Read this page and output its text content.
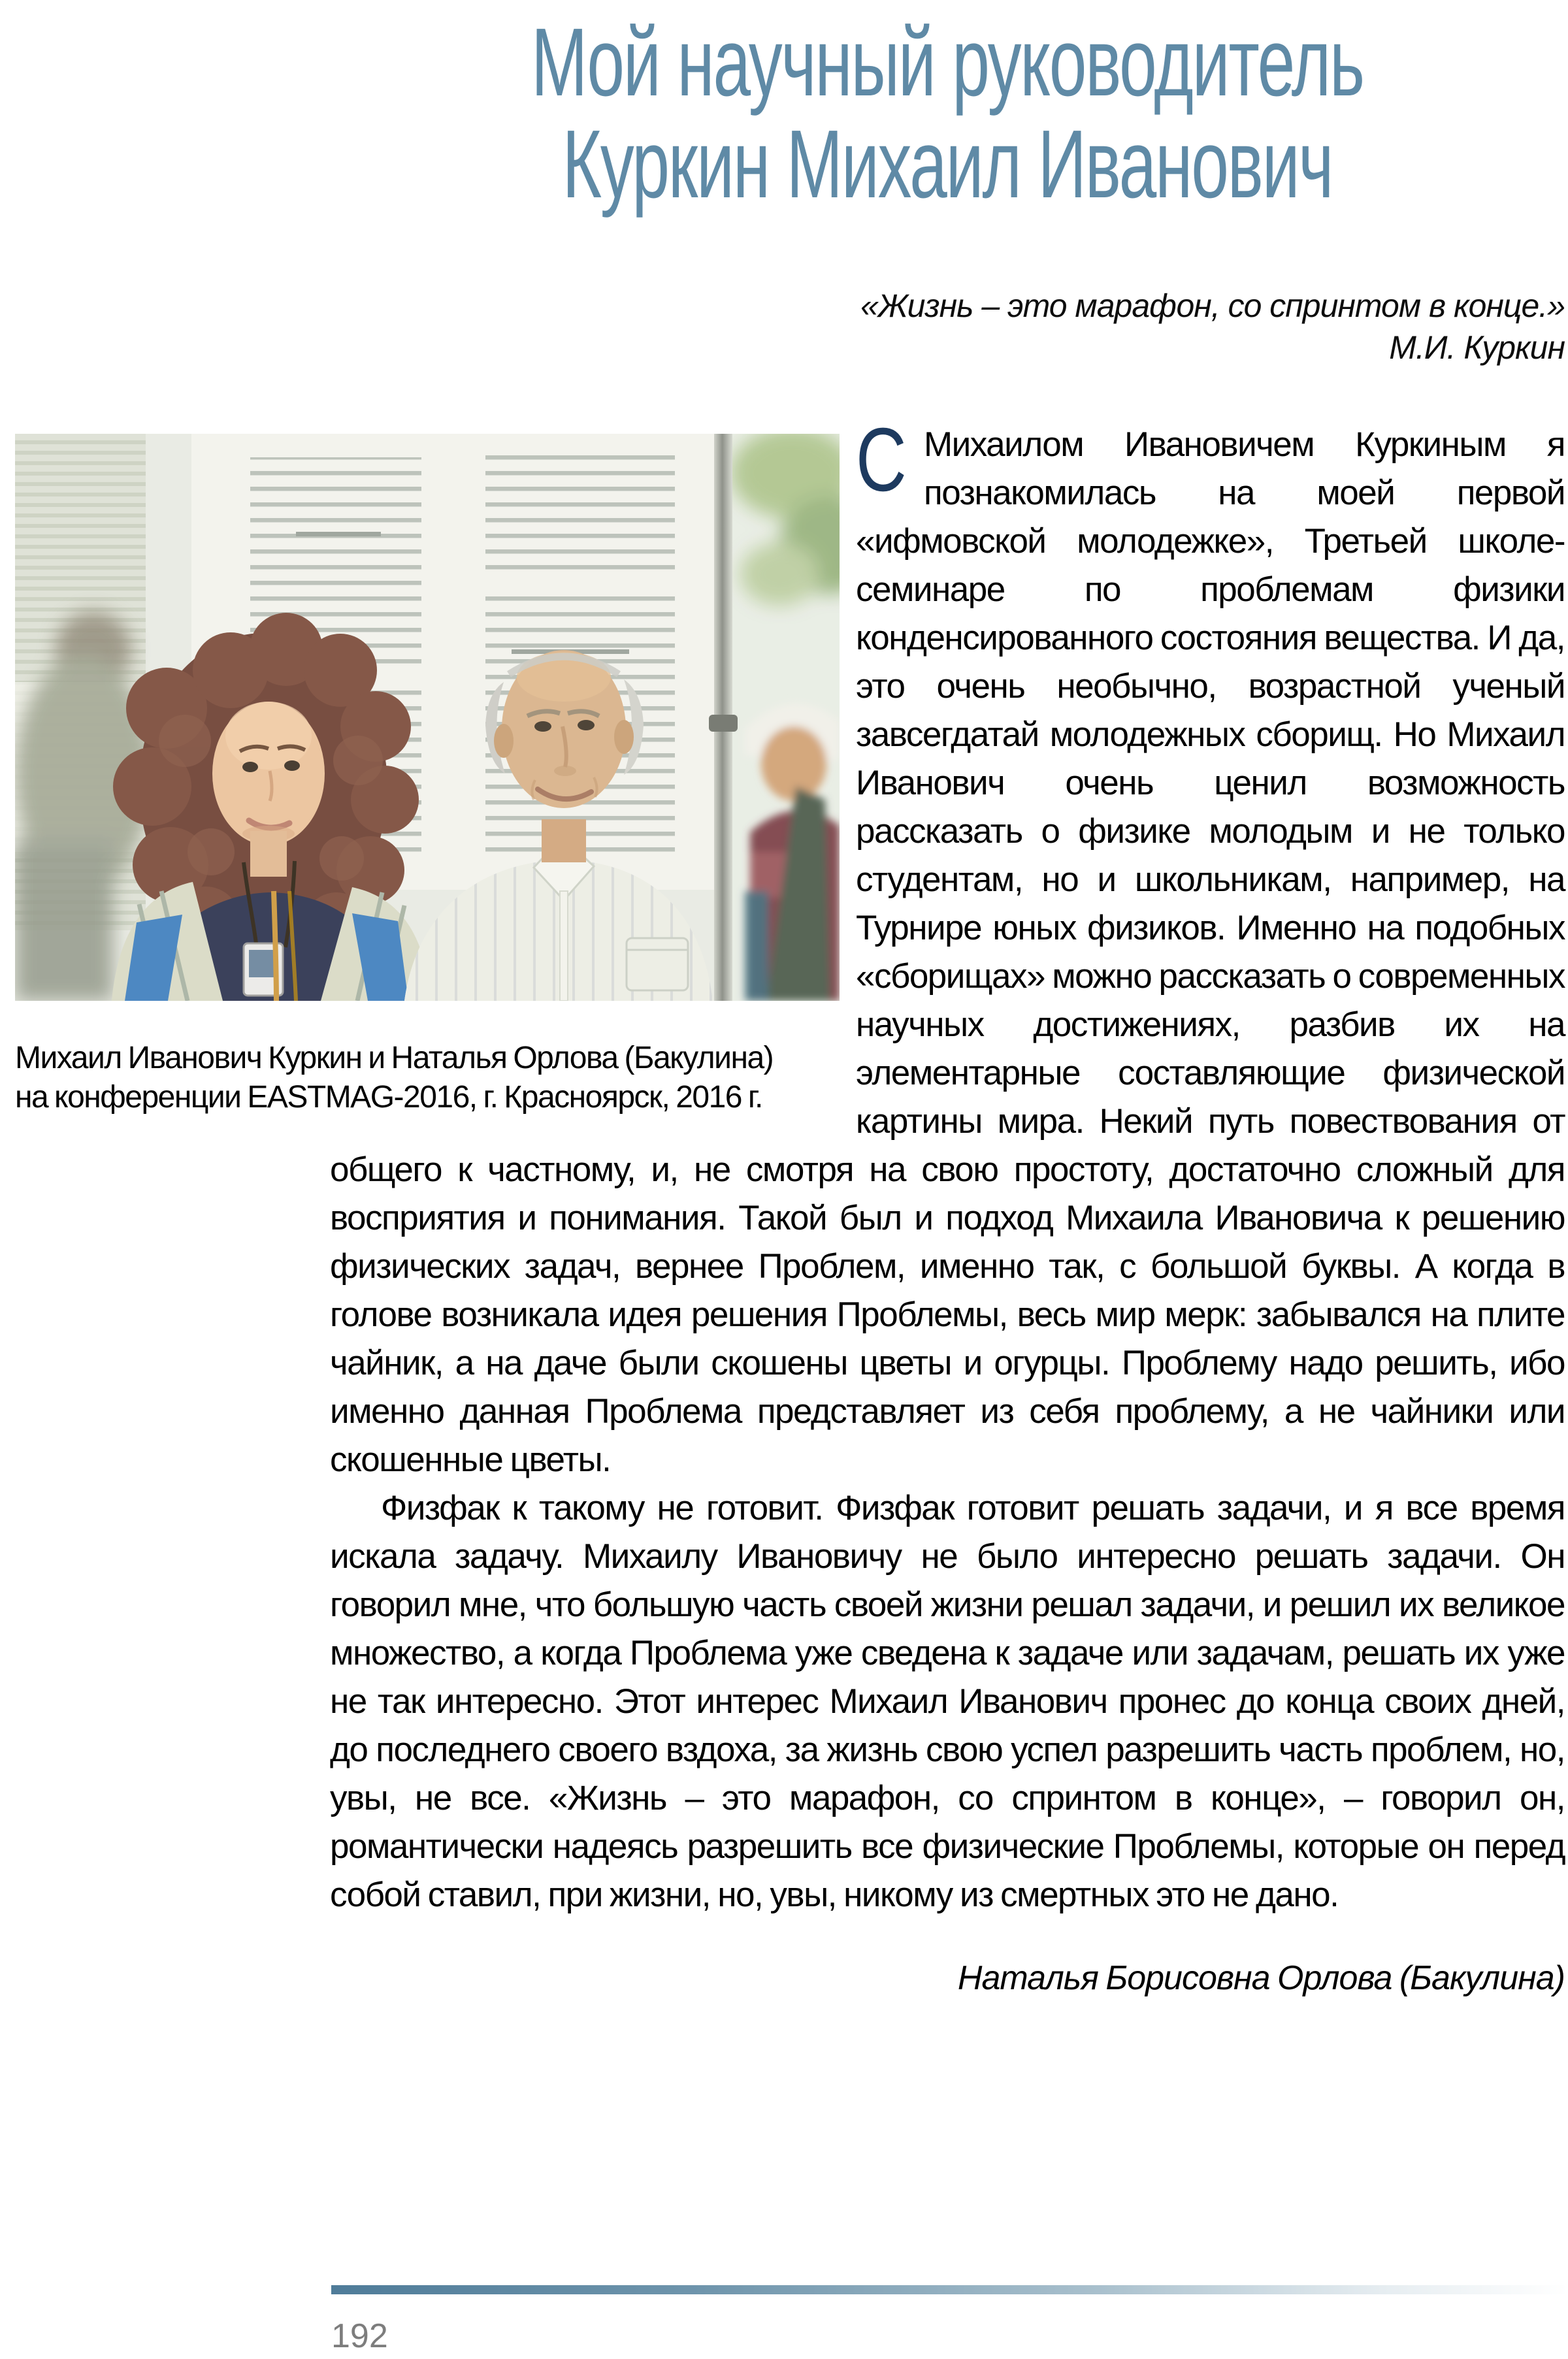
Мой научный руководитель
Куркин Михаил Иванович
«Жизнь – это марафон, со спринтом в конце.»
М.И. Куркин
Михаил Иванович Куркин и Наталья Орлова (Бакулина)
на конференции EASTMAG-2016, г. Красноярск, 2016 г.

С Михаилом Ивановичем Куркиным я познакомилась на моей первой «ифмовской молодежке», Третьей школе-семинаре по проблемам физики конденсированного состояния вещества. И да, это очень необычно, возрастной ученый завсегдатай молодежных сборищ. Но Михаил Иванович очень ценил возможность рассказать о физике молодым и не только студентам, но и школьникам, например, на Турнире юных физиков. Именно на подобных «сборищах» можно рассказать о современных научных достижениях, разбив их на элементарные составляющие физической картины мира. Некий путь повествования от общего к частному, и, не смотря на свою простоту, достаточно сложный для восприятия и понимания. Такой был и подход Михаила Ивановича к решению физических задач, вернее Проблем, именно так, с большой буквы. А когда в голове возникала идея решения Проблемы, весь мир мерк: забывался на плите чайник, а на даче были скошены цветы и огурцы. Проблему надо решить, ибо именно данная Проблема представляет из себя проблему, а не чайники или скошенные цветы.

Физфак к такому не готовит. Физфак готовит решать задачи, и я все время искала задачу. Михаилу Ивановичу не было интересно решать задачи. Он говорил мне, что большую часть своей жизни решал задачи, и решил их великое множество, а когда Проблема уже сведена к задаче или задачам, решать их уже не так интересно. Этот интерес Михаил Иванович пронес до конца своих дней, до последнего своего вздоха, за жизнь свою успел разрешить часть проблем, но, увы, не все. «Жизнь – это марафон, со спринтом в конце», – говорил он, романтически надеясь разрешить все физические Проблемы, которые он перед собой ставил, при жизни, но, увы, никому из смертных это не дано.

Наталья Борисовна Орлова (Бакулина)
192
